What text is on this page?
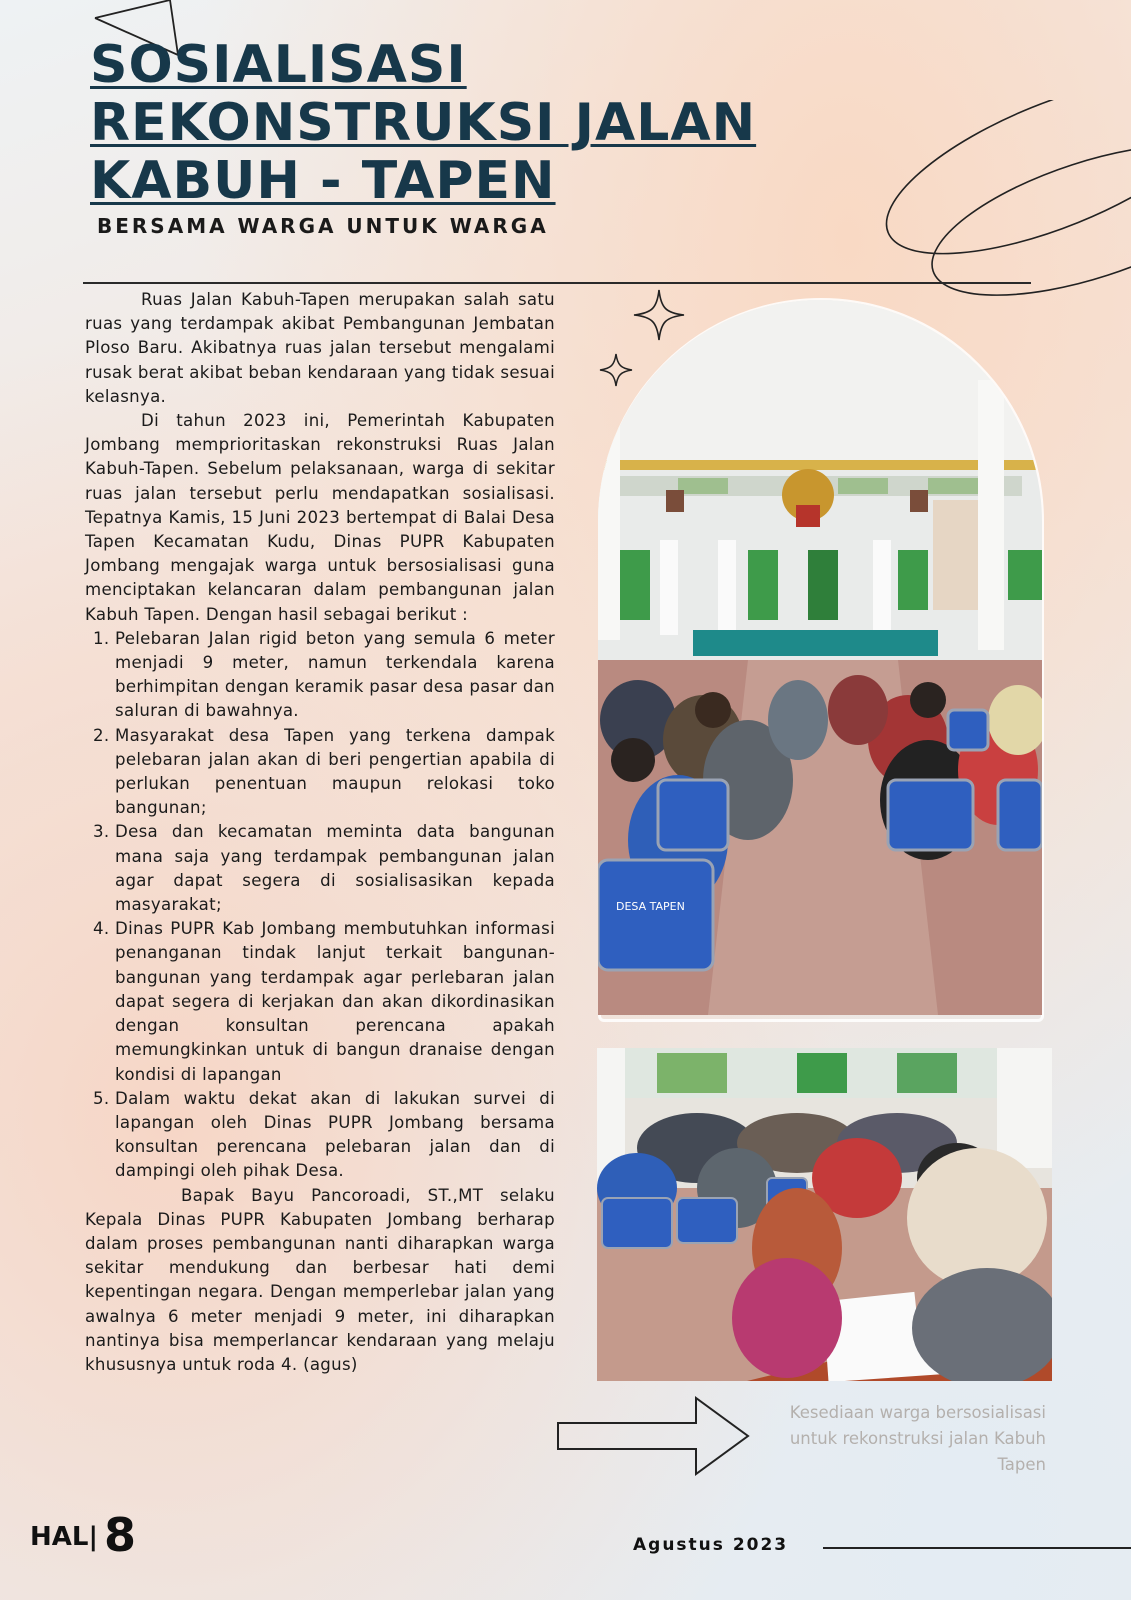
SOSIALISASI
REKONSTRUKSI JALAN
KABUH - TAPEN
BERSAMA WARGA UNTUK WARGA

Ruas Jalan Kabuh-Tapen merupakan salah satu ruas yang terdampak akibat Pembangunan Jembatan Ploso Baru. Akibatnya ruas jalan tersebut mengalami rusak berat akibat beban kendaraan yang tidak sesuai kelasnya.

Di tahun 2023 ini, Pemerintah Kabupaten Jombang memprioritaskan rekonstruksi Ruas Jalan Kabuh-Tapen. Sebelum pelaksanaan, warga di sekitar ruas jalan tersebut perlu mendapatkan sosialisasi. Tepatnya Kamis, 15 Juni 2023 bertempat di Balai Desa Tapen Kecamatan Kudu, Dinas PUPR Kabupaten Jombang mengajak warga untuk bersosialisasi guna menciptakan kelancaran dalam pembangunan jalan Kabuh Tapen. Dengan hasil sebagai berikut :

1. Pelebaran Jalan rigid beton yang semula 6 meter menjadi 9 meter, namun terkendala karena berhimpitan dengan keramik pasar desa pasar dan saluran di bawahnya.
2. Masyarakat desa Tapen yang terkena dampak pelebaran jalan akan di beri pengertian apabila di perlukan penentuan maupun relokasi toko bangunan;
3. Desa dan kecamatan meminta data bangunan mana saja yang terdampak pembangunan jalan agar dapat segera di sosialisasikan kepada masyarakat;
4. Dinas PUPR Kab Jombang membutuhkan informasi penanganan tindak lanjut terkait bangunan-bangunan yang terdampak agar perlebaran jalan dapat segera di kerjakan dan akan dikordinasikan dengan konsultan perencana apakah memungkinkan untuk di bangun dranaise dengan kondisi di lapangan
5. Dalam waktu dekat akan di lakukan survei di lapangan oleh Dinas PUPR Jombang bersama konsultan perencana pelebaran jalan dan di dampingi oleh pihak Desa.

Bapak Bayu Pancoroadi, ST.,MT selaku Kepala Dinas PUPR Kabupaten Jombang berharap dalam proses pembangunan nanti diharapkan warga sekitar mendukung dan berbesar hati demi kepentingan negara. Dengan memperlebar jalan yang awalnya 6 meter menjadi 9 meter, ini diharapkan nantinya bisa memperlancar kendaraan yang melaju khususnya untuk roda 4. (agus)

DESA TAPEN
Kesediaan warga bersosialisasi untuk rekonstruksi jalan Kabuh Tapen
HAL| 8	Agustus 2023
